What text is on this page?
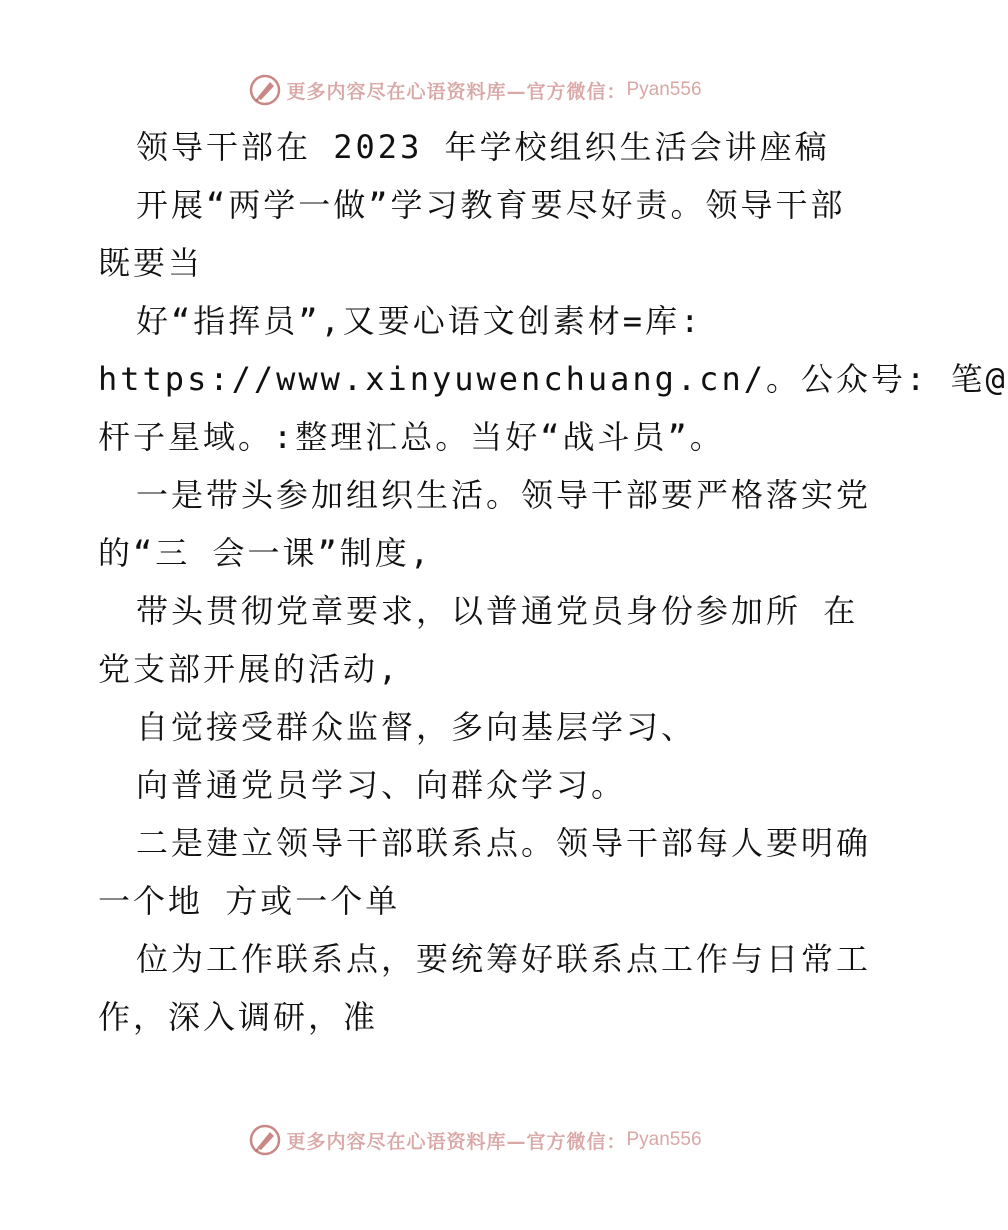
更多内容尽在心语资料库—官方微信： Pyan556
领导干部在 2023 年学校组织生活会讲座稿
开展“两学一做”学习教育要尽好责。领导干部
既要当
好“指挥员”,又要心语文创素材=库:
https://www.xinyuwenchuang.cn/。公众号: 笔@
杆子星域。:整理汇总。当好“战斗员”。
一是带头参加组织生活。领导干部要严格落实党
的“三 会一课”制度,
带头贯彻党章要求，以普通党员身份参加所 在
党支部开展的活动,
自觉接受群众监督，多向基层学习、
向普通党员学习、向群众学习。
二是建立领导干部联系点。领导干部每人要明确
一个地 方或一个单
位为工作联系点，要统筹好联系点工作与日常工
作，深入调研，准
更多内容尽在心语资料库—官方微信： Pyan556
